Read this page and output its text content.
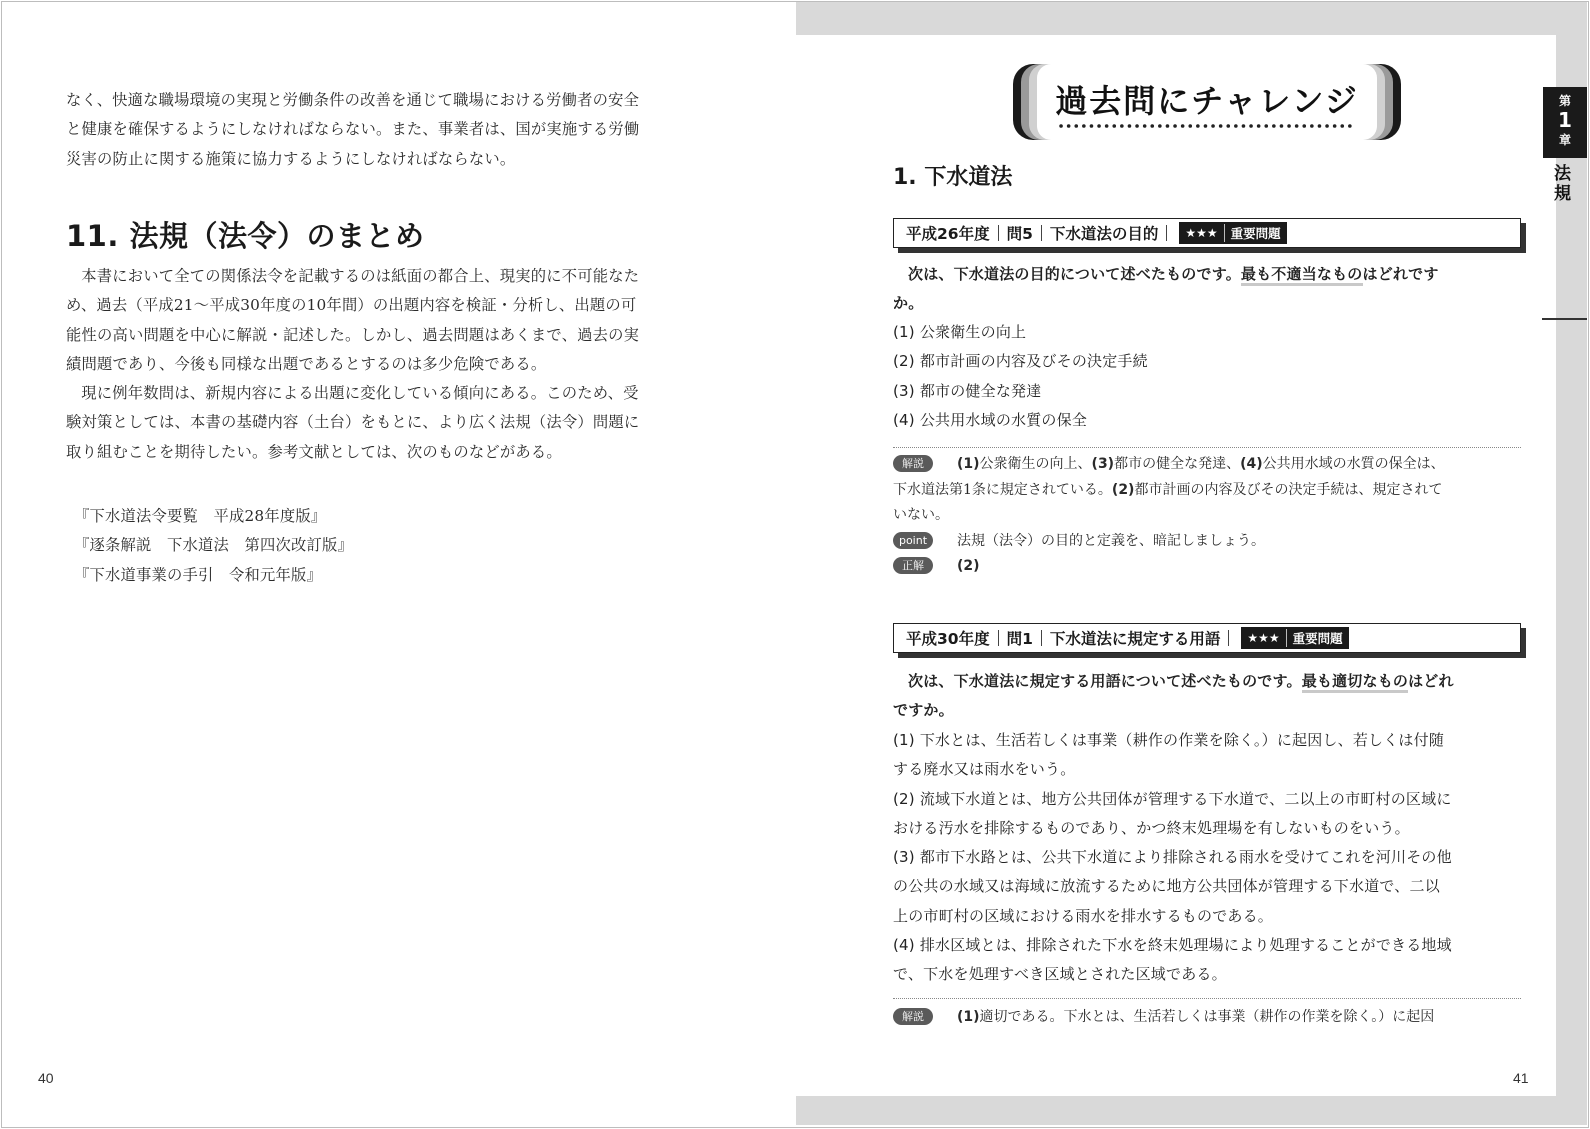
なく、快適な職場環境の実現と労働条件の改善を通じて職場における労働者の安全

と健康を確保するようにしなければならない。また、事業者は、国が実施する労働

災害の防止に関する施策に協力するようにしなければならない。

11. 法規（法令）のまとめ

本書において全ての関係法令を記載するのは紙面の都合上、現実的に不可能なた

め、過去（平成21～平成30年度の10年間）の出題内容を検証・分析し、出題の可

能性の高い問題を中心に解説・記述した。しかし、過去問題はあくまで、過去の実

績問題であり、今後も同様な出題であるとするのは多少危険である。

現に例年数問は、新規内容による出題に変化している傾向にある。このため、受

験対策としては、本書の基礎内容（土台）をもとに、より広く法規（法令）問題に

取り組むことを期待したい。参考文献としては、次のものなどがある。

『下水道法令要覧　平成28年度版』
『逐条解説　下水道法　第四次改訂版』
『下水道事業の手引　令和元年版』
40
過去問にチャレンジ	第
1
章
法規
1. 下水道法
平成26年度 問5 下水道法の目的 ★★★	重要問題

次は、下水道法の目的について述べたものです。最も不適当なものはどれです

か。
(1) 公衆衛生の向上
(2) 都市計画の内容及びその決定手続
(3) 都市の健全な発達
(4) 公共用水域の水質の保全
解説 (1)公衆衛生の向上、(3)都市の健全な発達、(4)公共用水域の水質の保全は、
下水道法第1条に規定されている。(2)都市計画の内容及びその決定手続は、規定されて
いない。
point 法規（法令）の目的と定義を、暗記しましょう。
正解 (2)
平成30年度 問1 下水道法に規定する用語 ★★★	重要問題

次は、下水道法に規定する用語について述べたものです。最も適切なものはどれ

ですか。
(1) 下水とは、生活若しくは事業（耕作の作業を除く。）に起因し、若しくは付随
する廃水又は雨水をいう。
(2) 流域下水道とは、地方公共団体が管理する下水道で、二以上の市町村の区域に
おける汚水を排除するものであり、かつ終末処理場を有しないものをいう。
(3) 都市下水路とは、公共下水道により排除される雨水を受けてこれを河川その他
の公共の水域又は海域に放流するために地方公共団体が管理する下水道で、二以
上の市町村の区域における雨水を排水するものである。
(4) 排水区域とは、排除された下水を終末処理場により処理することができる地域
で、下水を処理すべき区域とされた区域である。
解説 (1)適切である。下水とは、生活若しくは事業（耕作の作業を除く。）に起因
41
